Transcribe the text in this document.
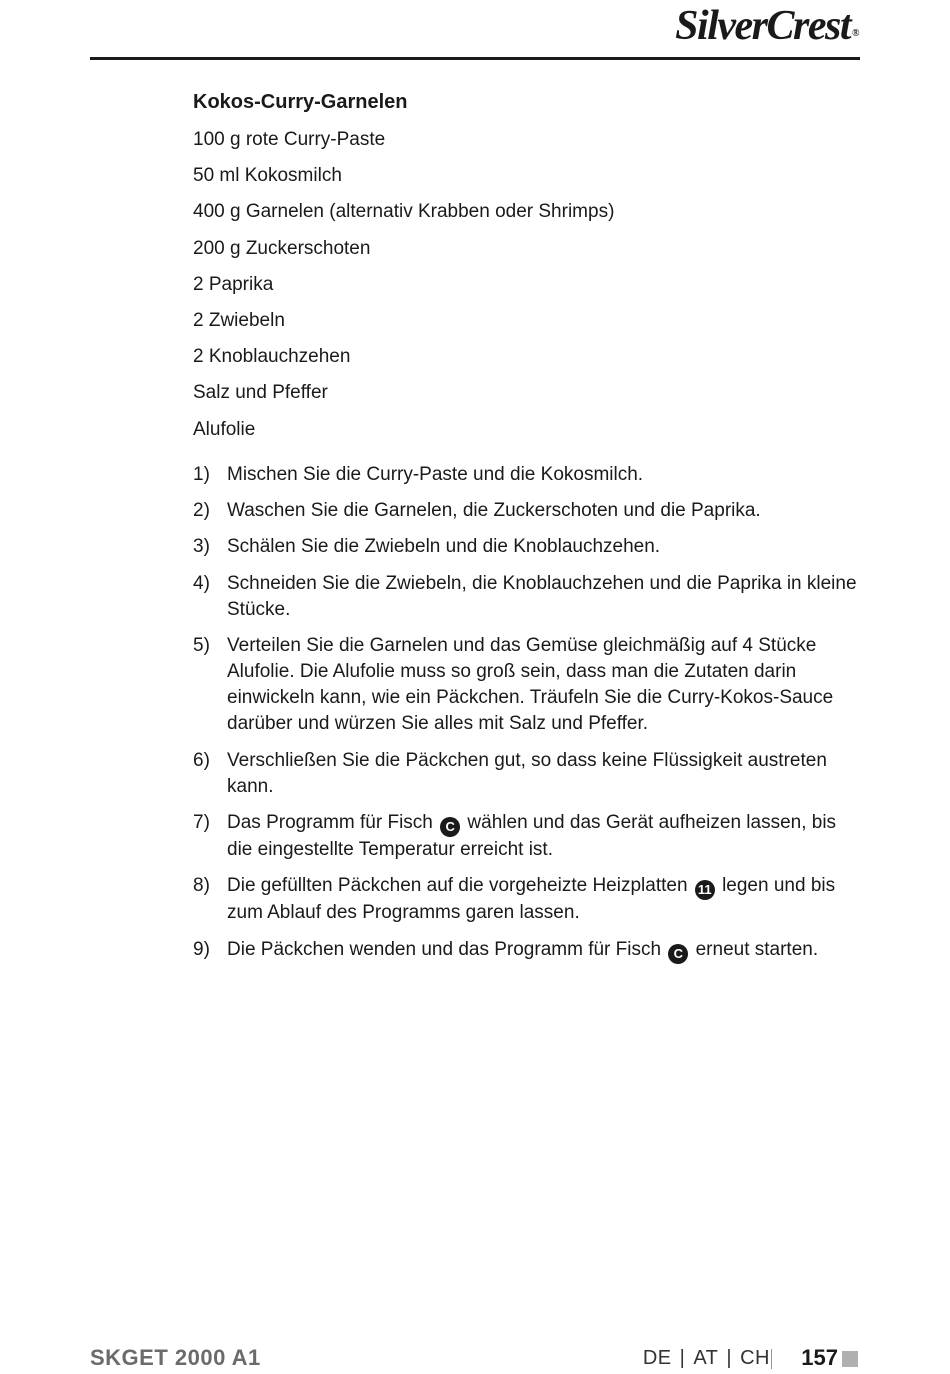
SilverCrest ®
Kokos-Curry-Garnelen
100 g rote Curry-Paste
50 ml Kokosmilch
400 g Garnelen (alternativ Krabben oder Shrimps)
200 g Zuckerschoten
2 Paprika
2 Zwiebeln
2 Knoblauchzehen
Salz und Pfeffer
Alufolie
1) Mischen Sie die Curry-Paste und die Kokosmilch.
2) Waschen Sie die Garnelen, die Zuckerschoten und die Paprika.
3) Schälen Sie die Zwiebeln und die Knoblauchzehen.
4) Schneiden Sie die Zwiebeln, die Knoblauchzehen und die Paprika in kleine Stücke.
5) Verteilen Sie die Garnelen und das Gemüse gleichmäßig auf 4 Stücke Alufolie. Die Alufolie muss so groß sein, dass man die Zutaten darin einwickeln kann, wie ein Päckchen. Träufeln Sie die Curry-Kokos-Sauce darüber und würzen Sie alles mit Salz und Pfeffer.
6) Verschließen Sie die Päckchen gut, so dass keine Flüssigkeit austreten kann.
7) Das Programm für Fisch C wählen und das Gerät aufheizen lassen, bis die eingestellte Temperatur erreicht ist.
8) Die gefüllten Päckchen auf die vorgeheizte Heizplatten 11 legen und bis zum Ablauf des Programms garen lassen.
9) Die Päckchen wenden und das Programm für Fisch C erneut starten.
SKGET 2000 A1	DE | AT | CH 157
